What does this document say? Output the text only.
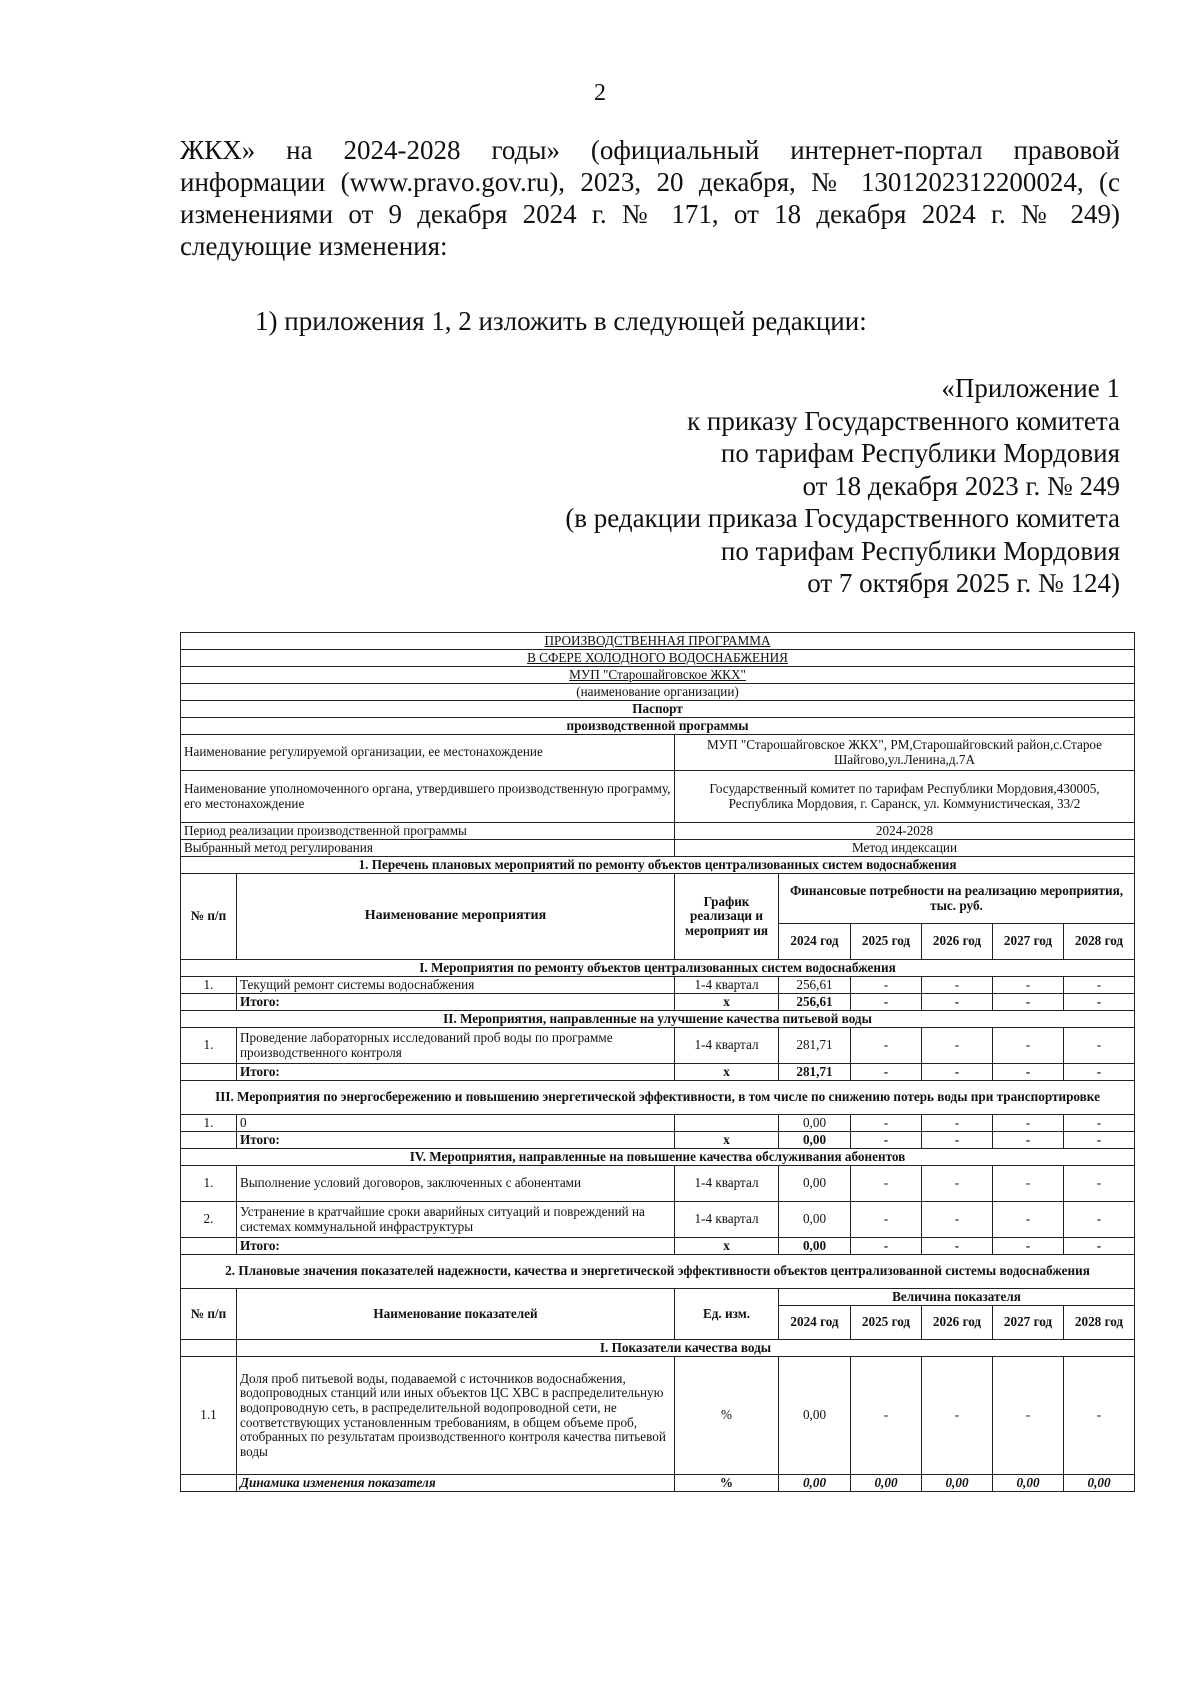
2
ЖКХ» на 2024-2028 годы» (официальный интернет-портал правовой
информации (www.pravo.gov.ru), 2023, 20 декабря, № 1301202312200024, (с
изменениями от 9 декабря 2024 г. № 171, от 18 декабря 2024 г. № 249)
следующие изменения:
1) приложения 1, 2 изложить в следующей редакции:
«Приложение 1
к приказу Государственного комитета
по тарифам Республики Мордовия
от 18 декабря 2023 г. № 249
(в редакции приказа Государственного комитета
по тарифам Республики Мордовия
от 7 октября 2025 г. № 124)
ПРОИЗВОДСТВЕННАЯ ПРОГРАММА							
В СФЕРЕ ХОЛОДНОГО ВОДОСНАБЖЕНИЯ							
МУП "Старошайговское ЖКХ"							
(наименование организации)							
Паспорт							
производственной программы							
Наименование регулируемой организации, ее местонахождение		МУП "Старошайговское ЖКХ", РМ,Старошайговский район,с.Старое Шайгово,ул.Ленина,д.7А					
Наименование уполномоченного органа, утвердившего производственную программу, его местонахождение		Государственный комитет по тарифам Республики Мордовия,430005, Республика Мордовия, г. Саранск, ул. Коммунистическая, 33/2					
Период реализации производственной программы		2024-2028					
Выбранный метод регулирования		Метод индексации					
1. Перечень плановых мероприятий по ремонту объектов централизованных систем водоснабжения							
№ п/п	Наименование мероприятия	График реализаци и мероприят ия	Финансовые потребности на реализацию мероприятия, тыс. руб.				
			2024 год	2025 год	2026 год	2027 год	2028 год
I. Мероприятия по ремонту объектов централизованных систем водоснабжения							
1.	Текущий ремонт системы водоснабжения	1-4 квартал	256,61	-	-	-	-
	Итого:	х	256,61	-	-	-	-
II. Мероприятия, направленные на улучшение качества питьевой воды							
1.	Проведение лабораторных исследований проб воды по программе производственного контроля	1-4 квартал	281,71	-	-	-	-
	Итого:	х	281,71	-	-	-	-
III. Мероприятия по энергосбережению и повышению энергетической эффективности, в том числе по снижению потерь воды при транспортировке							
1.	0		0,00	-	-	-	-
	Итого:	х	0,00	-	-	-	-
IV. Мероприятия, направленные на повышение качества обслуживания абонентов							
1.	Выполнение условий договоров, заключенных с абонентами	1-4 квартал	0,00	-	-	-	-
2.	Устранение в кратчайшие сроки аварийных ситуаций и повреждений на системах коммунальной инфраструктуры	1-4 квартал	0,00	-	-	-	-
	Итого:	х	0,00	-	-	-	-
2. Плановые значения показателей надежности, качества и энергетической эффективности объектов централизованной системы водоснабжения							
№ п/п	Наименование показателей	Ед. изм.	Величина показателя				
			2024 год	2025 год	2026 год	2027 год	2028 год
	I. Показатели качества воды						
1.1	Доля проб питьевой воды, подаваемой с источников водоснабжения, водопроводных станций или иных объектов ЦС ХВС в распределительную водопроводную сеть, в распределительной водопроводной сети, не соответствующих установленным требованиям, в общем объеме проб, отобранных по результатам производственного контроля качества питьевой воды	%	0,00	-	-	-	-
	Динамика изменения показателя	%	0,00	0,00	0,00	0,00	0,00
